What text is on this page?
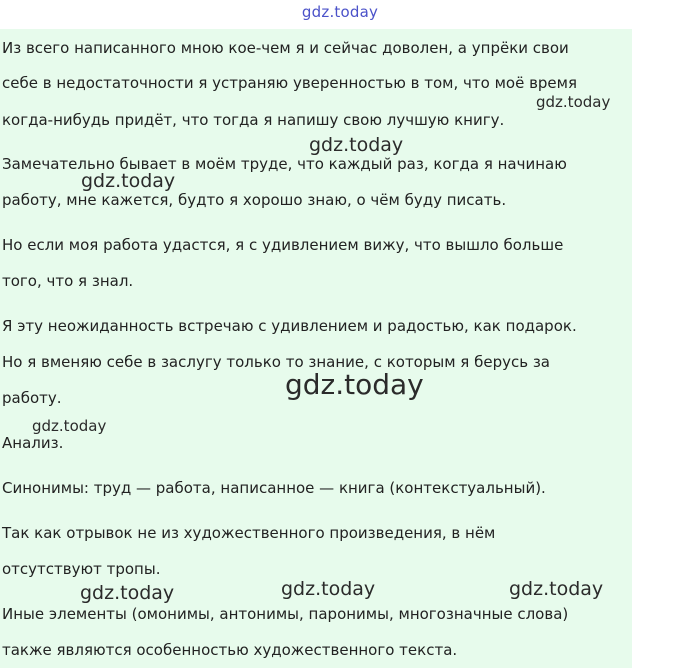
gdz.today
Из всего написанного мною кое-чем я и сейчас доволен, а упрёки свои
себе в недостаточности я устраняю уверенностью в том, что моё время
когда-нибудь придёт, что тогда я напишу свою лучшую книгу.
Замечательно бывает в моём труде, что каждый раз, когда я начинаю
работу, мне кажется, будто я хорошо знаю, о чём буду писать.
Но если моя работа удастся, я с удивлением вижу, что вышло больше
того, что я знал.
Я эту неожиданность встречаю с удивлением и радостью, как подарок.
Но я вменяю себе в заслугу только то знание, с которым я берусь за
работу.
Анализ.
Синонимы: труд — работа, написанное — книга (контекстуальный).
Так как отрывок не из художественного произведения, в нём
отсутствуют тропы.
Иные элементы (омонимы, антонимы, паронимы, многозначные слова)
также являются особенностью художественного текста.
gdz.today
gdz.today
gdz.today
gdz.today
gdz.today
gdz.today	gdz.today
gdz.today
